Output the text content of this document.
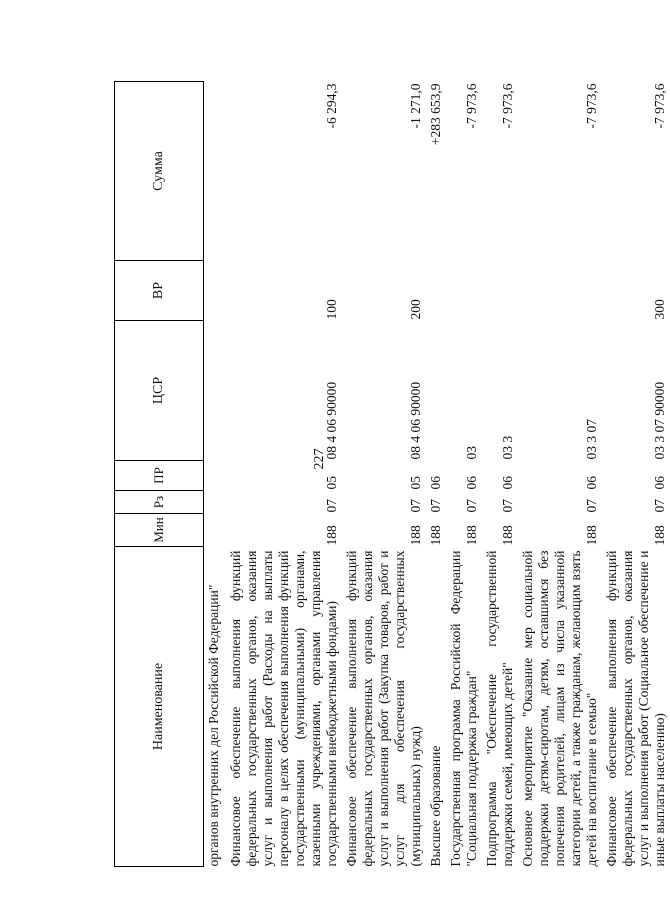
227
Наименование	Мин	Рз	ПР	ЦСР	ВР	Сумма
органов внутренних дел Российской Федерации"						
Финансовое обеспечение выполнения функций федеральных государственных органов, оказания услуг и выполнения работ (Расходы на выплаты персоналу в целях обеспечения выполнения функций государственными (муниципальными) органами, казенными учреждениями, органами управления государственными внебюджетными фондами)	188	07	05	08 4 06 90000	100	-6 294,3
Финансовое обеспечение выполнения функций федеральных государственных органов, оказания услуг и выполнения работ (Закупка товаров, работ и услуг для обеспечения государственных (муниципальных) нужд)	188	07	05	08 4 06 90000	200	-1 271,0
Высшее образование	188	07	06			+283 653,9
Государственная программа Российской Федерации "Социальная поддержка граждан"	188	07	06	03		-7 973,6
Подпрограмма "Обеспечение государственной поддержки семей, имеющих детей"	188	07	06	03 3		-7 973,6
Основное мероприятие "Оказание мер социальной поддержки детям-сиротам, детям, оставшимся без попечения родителей, лицам из числа указанной категории детей, а также гражданам, желающим взять детей на воспитание в семью"	188	07	06	03 3 07		-7 973,6
Финансовое обеспечение выполнения функций федеральных государственных органов, оказания услуг и выполнения работ (Социальное обеспечение и иные выплаты населению)	188	07	06	03 3 07 90000	300	-7 973,6
